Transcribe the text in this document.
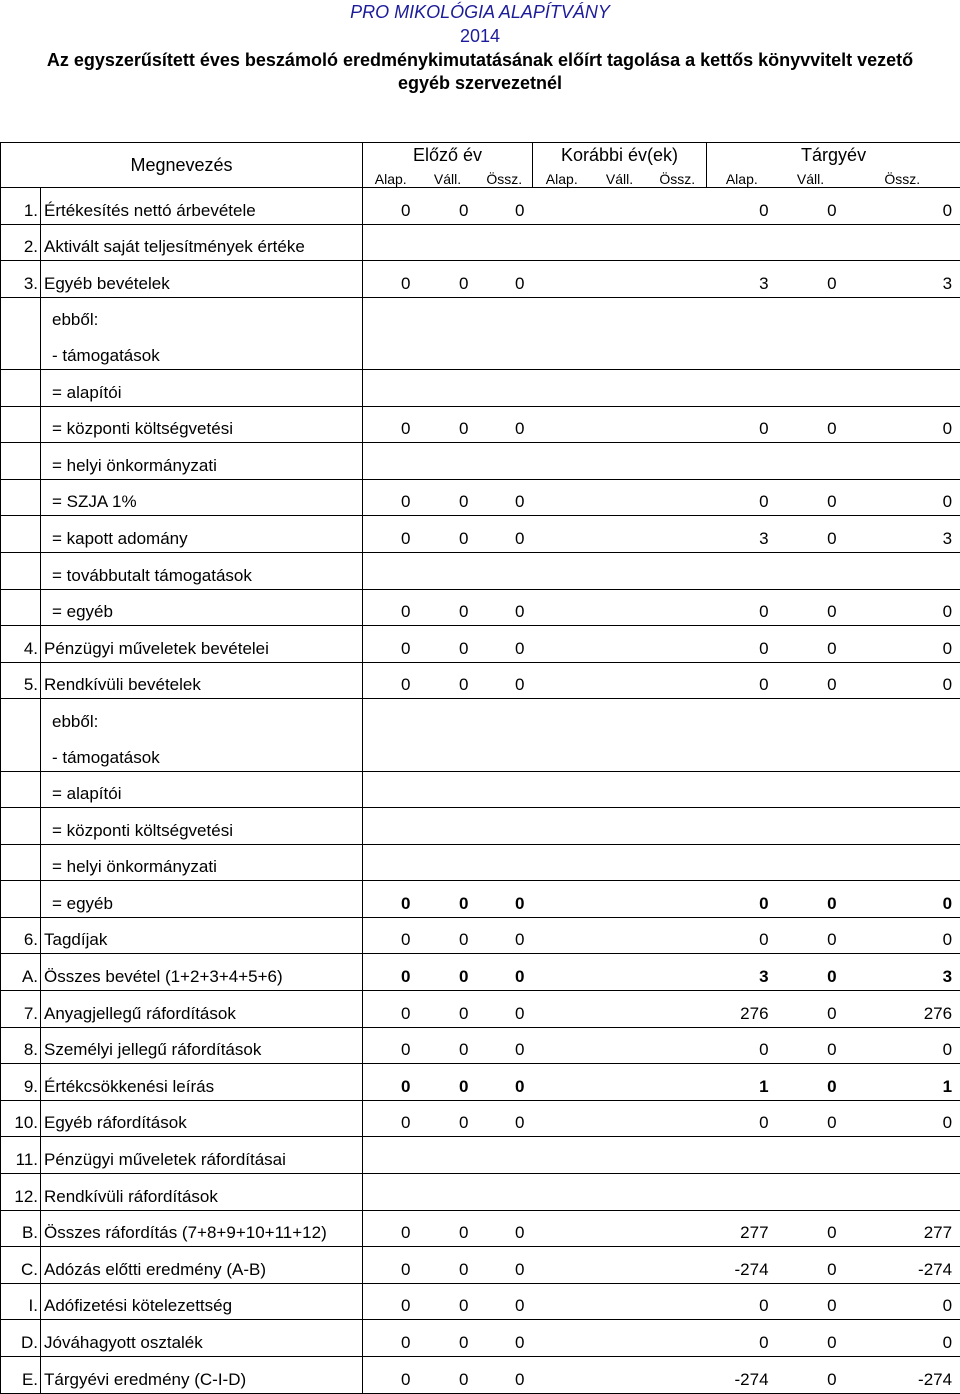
PRO MIKOLÓGIA ALAPÍTVÁNY
2014
Az egyszerűsített éves beszámoló eredménykimutatásának előírt tagolása a kettős könyvvitelt vezető
egyéb szervezetnél
Megnevezés		Előző év			Korábbi év(ek)			Tárgyév		
		Alap.	Váll.	Össz.	Alap.	Váll.	Össz.	Alap.	Váll.	Össz.
1.	Értékesítés nettó árbevétele	0	0	0				0	0	0
2.	Aktivált saját teljesítmények értéke									
3.	Egyéb bevételek	0	0	0				3	0	3
	ebből:									
	- támogatások									
	= alapítói									
	= központi költségvetési	0	0	0				0	0	0
	= helyi önkormányzati									
	= SZJA 1%	0	0	0				0	0	0
	= kapott adomány	0	0	0				3	0	3
	= továbbutalt támogatások									
	= egyéb	0	0	0				0	0	0
4.	Pénzügyi műveletek bevételei	0	0	0				0	0	0
5.	Rendkívüli bevételek	0	0	0				0	0	0
	ebből:									
	- támogatások									
	= alapítói									
	= központi költségvetési									
	= helyi önkormányzati									
	= egyéb	0	0	0				0	0	0
6.	Tagdíjak	0	0	0				0	0	0
A.	Összes bevétel (1+2+3+4+5+6)	0	0	0				3	0	3
7.	Anyagjellegű ráfordítások	0	0	0				276	0	276
8.	Személyi jellegű ráfordítások	0	0	0				0	0	0
9.	Értékcsökkenési leírás	0	0	0				1	0	1
10.	Egyéb ráfordítások	0	0	0				0	0	0
11.	Pénzügyi műveletek ráfordításai									
12.	Rendkívüli ráfordítások									
B.	Összes ráfordítás (7+8+9+10+11+12)	0	0	0				277	0	277
C.	Adózás előtti eredmény (A-B)	0	0	0				-274	0	-274
I.	Adófizetési kötelezettség	0	0	0				0	0	0
D.	Jóváhagyott osztalék	0	0	0				0	0	0
E.	Tárgyévi eredmény (C-I-D)	0	0	0				-274	0	-274
